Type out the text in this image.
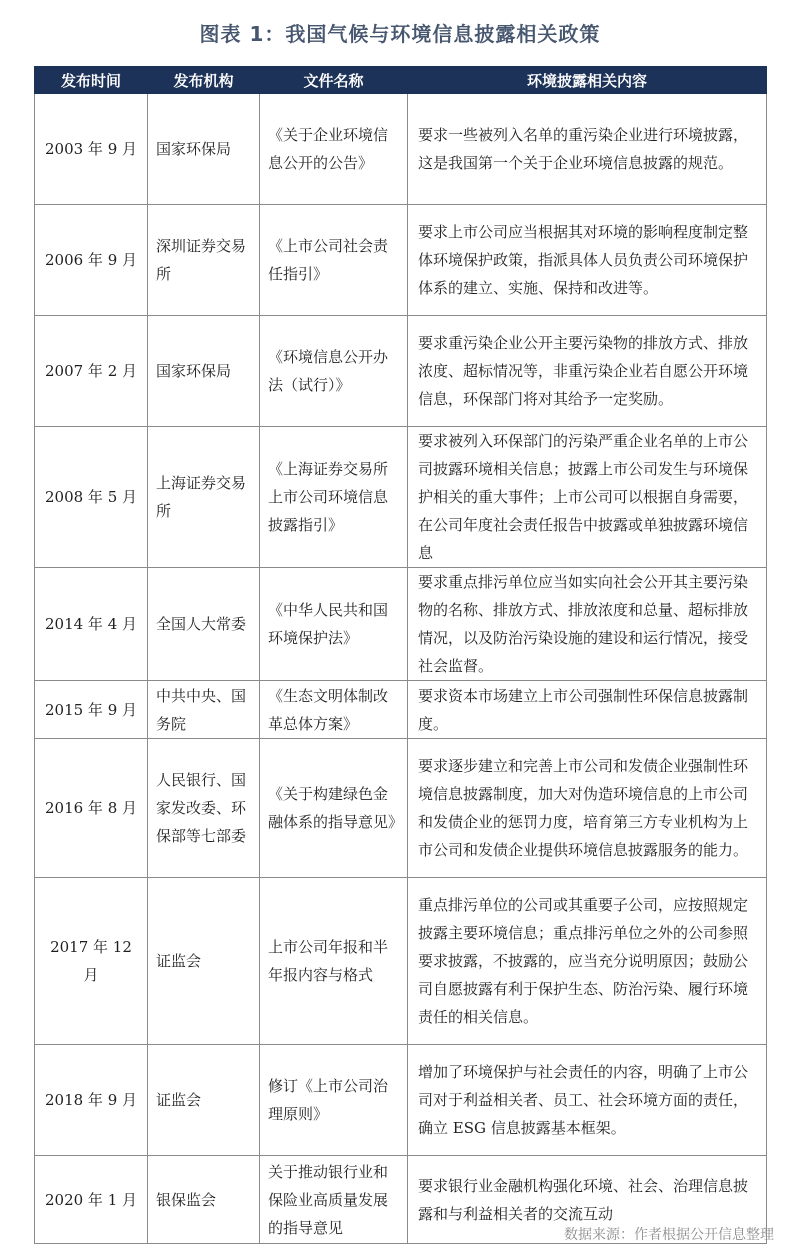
图表 1：我国气候与环境信息披露相关政策
发布时间	发布机构	文件名称	环境披露相关内容
2003 年 9 月	国家环保局	《关于企业环境信息公开的公告》	要求一些被列入名单的重污染企业进行环境披露，这是我国第一个关于企业环境信息披露的规范。
2006 年 9 月	深圳证券交易所	《上市公司社会责任指引》	要求上市公司应当根据其对环境的影响程度制定整体环境保护政策，指派具体人员负责公司环境保护体系的建立、实施、保持和改进等。
2007 年 2 月	国家环保局	《环境信息公开办法（试行）》	要求重污染企业公开主要污染物的排放方式、排放浓度、超标情况等，非重污染企业若自愿公开环境信息，环保部门将对其给予一定奖励。
2008 年 5 月	上海证券交易所	《上海证券交易所上市公司环境信息披露指引》	要求被列入环保部门的污染严重企业名单的上市公司披露环境相关信息；披露上市公司发生与环境保护相关的重大事件；上市公司可以根据自身需要，在公司年度社会责任报告中披露或单独披露环境信息
2014 年 4 月	全国人大常委	《中华人民共和国环境保护法》	要求重点排污单位应当如实向社会公开其主要污染物的名称、排放方式、排放浓度和总量、超标排放情况，以及防治污染设施的建设和运行情况，接受社会监督。
2015 年 9 月	中共中央、国务院	《生态文明体制改革总体方案》	要求资本市场建立上市公司强制性环保信息披露制度。
2016 年 8 月	人民银行、国家发改委、环保部等七部委	《关于构建绿色金融体系的指导意见》	要求逐步建立和完善上市公司和发债企业强制性环境信息披露制度，加大对伪造环境信息的上市公司和发债企业的惩罚力度，培育第三方专业机构为上市公司和发债企业提供环境信息披露服务的能力。
2017 年 12 月	证监会	上市公司年报和半年报内容与格式	重点排污单位的公司或其重要子公司，应按照规定披露主要环境信息；重点排污单位之外的公司参照要求披露，不披露的，应当充分说明原因；鼓励公司自愿披露有利于保护生态、防治污染、履行环境责任的相关信息。
2018 年 9 月	证监会	修订《上市公司治理原则》	增加了环境保护与社会责任的内容，明确了上市公司对于利益相关者、员工、社会环境方面的责任，确立 ESG 信息披露基本框架。
2020 年 1 月	银保监会	关于推动银行业和保险业高质量发展的指导意见	要求银行业金融机构强化环境、社会、治理信息披露和与利益相关者的交流互动
数据来源：作者根据公开信息整理
